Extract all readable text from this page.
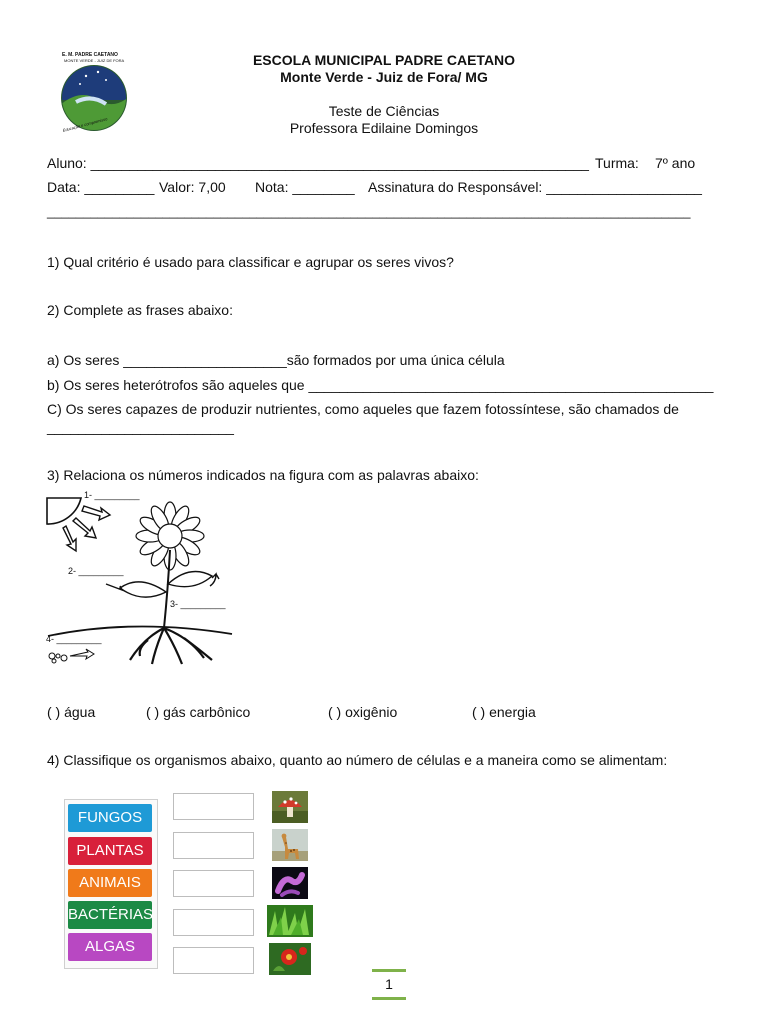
E. M. PADRE CAETANO
MONTE VERDE - JUIZ DE FORA
Educação e compromisso
ESCOLA MUNICIPAL PADRE CAETANO
Monte Verde - Juiz de Fora/ MG
Teste de Ciências
Professora Edilaine Domingos
Aluno: ________________________________________________________________ Turma: 7º ano
Data: _________ Valor: 7,00 Nota: ________ Assinatura do Responsável: ____________________
_________________________________________________________________________________________
1) Qual critério é usado para classificar e agrupar os seres vivos?
2) Complete as frases abaixo:
a) Os seres _____________________são formados por uma única célula
b) Os seres heterótrofos são aqueles que ____________________________________________________
C) Os seres capazes de produzir nutrientes, como aqueles que fazem fotossíntese, são chamados de
________________________
3) Relaciona os números indicados na figura com as palavras abaixo:
1- _________
2- _________
3- _________
4- _________
( ) água	( ) gás carbônico	( ) oxigênio	( ) energia
4) Classifique os organismos abaixo, quanto ao número de células e a maneira como se alimentam:
FUNGOS
PLANTAS
ANIMAIS
BACTÉRIAS
ALGAS
1
